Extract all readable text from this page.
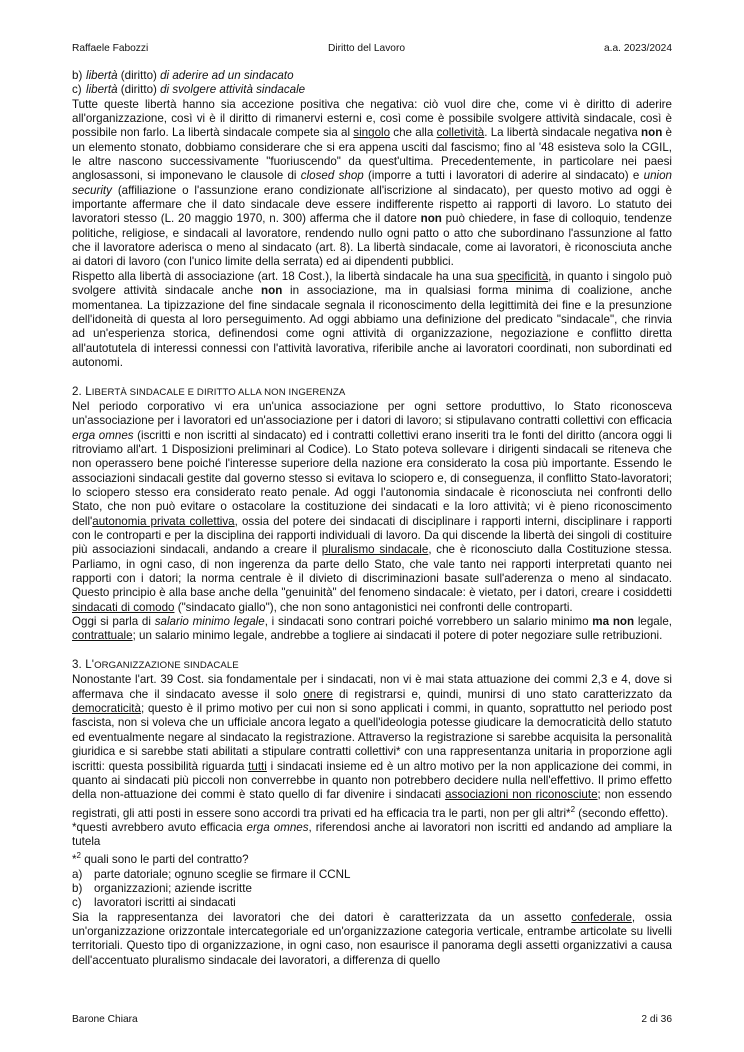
Raffaele Fabozzi	Diritto del Lavoro	a.a. 2023/2024

b) libertà (diritto) di aderire ad un sindacato

c) libertà (diritto) di svolgere attività sindacale

Tutte queste libertà hanno sia accezione positiva che negativa: ciò vuol dire che, come vi è diritto di aderire all'organizzazione, così vi è il diritto di rimanervi esterni e, così come è possibile svolgere attività sindacale, così è possibile non farlo. La libertà sindacale compete sia al singolo che alla colletività. La libertà sindacale negativa non è un elemento stonato, dobbiamo considerare che si era appena usciti dal fascismo; fino al '48 esisteva solo la CGIL, le altre nascono successivamente "fuoriuscendo" da quest'ultima. Precedentemente, in particolare nei paesi anglosassoni, si imponevano le clausole di closed shop (imporre a tutti i lavoratori di aderire al sindacato) e union security (affiliazione o l'assunzione erano condizionate all'iscrizione al sindacato), per questo motivo ad oggi è importante affermare che il dato sindacale deve essere indifferente rispetto ai rapporti di lavoro. Lo statuto dei lavoratori stesso (L. 20 maggio 1970, n. 300) afferma che il datore non può chiedere, in fase di colloquio, tendenze politiche, religiose, e sindacali al lavoratore, rendendo nullo ogni patto o atto che subordinano l'assunzione al fatto che il lavoratore aderisca o meno al sindacato (art. 8). La libertà sindacale, come ai lavoratori, è riconosciuta anche ai datori di lavoro (con l'unico limite della serrata) ed ai dipendenti pubblici.

Rispetto alla libertà di associazione (art. 18 Cost.), la libertà sindacale ha una sua specificità, in quanto i singolo può svolgere attività sindacale anche non in associazione, ma in qualsiasi forma minima di coalizione, anche momentanea. La tipizzazione del fine sindacale segnala il riconoscimento della legittimità dei fine e la presunzione dell'idoneità di questa al loro perseguimento. Ad oggi abbiamo una definizione del predicato "sindacale", che rinvia ad un'esperienza storica, definendosi come ogni attività di organizzazione, negoziazione e conflitto diretta all'autotutela di interessi connessi con l'attività lavorativa, riferibile anche ai lavoratori coordinati, non subordinati ed autonomi.

2. LIBERTÀ SINDACALE E DIRITTO ALLA NON INGERENZA

Nel periodo corporativo vi era un'unica associazione per ogni settore produttivo, lo Stato riconosceva un'associazione per i lavoratori ed un'associazione per i datori di lavoro; si stipulavano contratti collettivi con efficacia erga omnes (iscritti e non iscritti al sindacato) ed i contratti collettivi erano inseriti tra le fonti del diritto (ancora oggi li ritroviamo all'art. 1 Disposizioni preliminari al Codice). Lo Stato poteva sollevare i dirigenti sindacali se riteneva che non operassero bene poiché l'interesse superiore della nazione era considerato la cosa più importante. Essendo le associazioni sindacali gestite dal governo stesso si evitava lo sciopero e, di conseguenza, il conflitto Stato-lavoratori; lo sciopero stesso era considerato reato penale. Ad oggi l'autonomia sindacale è riconosciuta nei confronti dello Stato, che non può evitare o ostacolare la costituzione dei sindacati e la loro attività; vi è pieno riconoscimento dell'autonomia privata collettiva, ossia del potere dei sindacati di disciplinare i rapporti interni, disciplinare i rapporti con le controparti e per la disciplina dei rapporti individuali di lavoro. Da qui discende la libertà dei singoli di costituire più associazioni sindacali, andando a creare il pluralismo sindacale, che è riconosciuto dalla Costituzione stessa. Parliamo, in ogni caso, di non ingerenza da parte dello Stato, che vale tanto nei rapporti interpretati quanto nei rapporti con i datori; la norma centrale è il divieto di discriminazioni basate sull'aderenza o meno al sindacato. Questo principio è alla base anche della "genuinità" del fenomeno sindacale: è vietato, per i datori, creare i cosiddetti sindacati di comodo ("sindacato giallo"), che non sono antagonistici nei confronti delle controparti.

Oggi si parla di salario minimo legale, i sindacati sono contrari poiché vorrebbero un salario minimo ma non legale, contrattuale; un salario minimo legale, andrebbe a togliere ai sindacati il potere di poter negoziare sulle retribuzioni.

3. L'ORGANIZZAZIONE SINDACALE

Nonostante l'art. 39 Cost. sia fondamentale per i sindacati, non vi è mai stata attuazione dei commi 2,3 e 4, dove si affermava che il sindacato avesse il solo onere di registrarsi e, quindi, munirsi di uno stato caratterizzato da democraticità; questo è il primo motivo per cui non si sono applicati i commi, in quanto, soprattutto nel periodo post fascista, non si voleva che un ufficiale ancora legato a quell'ideologia potesse giudicare la democraticità dello statuto ed eventualmente negare al sindacato la registrazione. Attraverso la registrazione si sarebbe acquisita la personalità giuridica e si sarebbe stati abilitati a stipulare contratti collettivi* con una rappresentanza unitaria in proporzione agli iscritti: questa possibilità riguarda tutti i sindacati insieme ed è un altro motivo per la non applicazione dei commi, in quanto ai sindacati più piccoli non converrebbe in quanto non potrebbero decidere nulla nell'effettivo. Il primo effetto della non-attuazione dei commi è stato quello di far divenire i sindacati associazioni non riconosciute; non essendo registrati, gli atti posti in essere sono accordi tra privati ed ha efficacia tra le parti, non per gli altri*$^2$ (secondo effetto).

*questi avrebbero avuto efficacia erga omnes, riferendosi anche ai lavoratori non iscritti ed andando ad ampliare la tutela

*$^2$ quali sono le parti del contratto?

a) parte datoriale; ognuno sceglie se firmare il CCNL

b) organizzazioni; aziende iscritte

c) lavoratori iscritti ai sindacati

Sia la rappresentanza dei lavoratori che dei datori è caratterizzata da un assetto confederale, ossia un'organizzazione orizzontale intercategoriale ed un'organizzazione categoria verticale, entrambe articolate su livelli territoriali. Questo tipo di organizzazione, in ogni caso, non esaurisce il panorama degli assetti organizzativi a causa dell'accentuato pluralismo sindacale dei lavoratori, a differenza di quello

Barone Chiara	2 di 36
